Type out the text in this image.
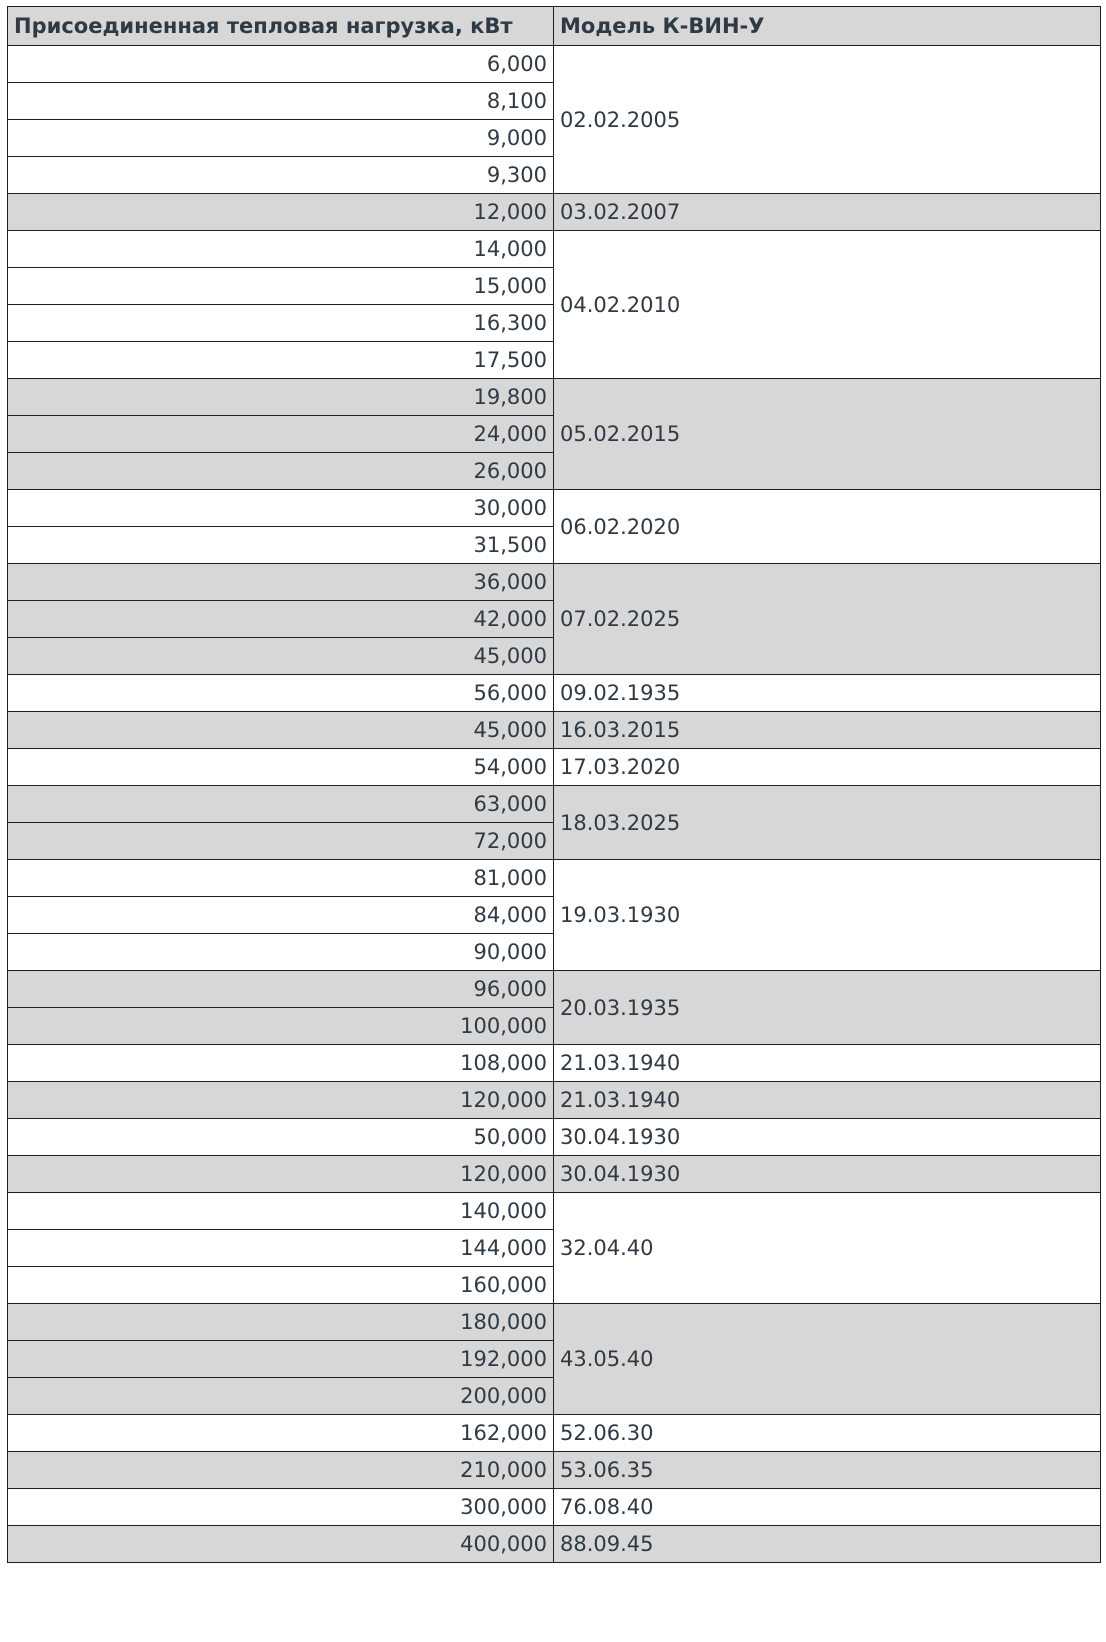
Присоединенная тепловая нагрузка, кВт	Модель К-ВИН-У
6,000	02.02.2005
8,100	
9,000	
9,300	
12,000	03.02.2007
14,000	04.02.2010
15,000	
16,300	
17,500	
19,800	05.02.2015
24,000	
26,000	
30,000	06.02.2020
31,500	
36,000	07.02.2025
42,000	
45,000	
56,000	09.02.1935
45,000	16.03.2015
54,000	17.03.2020
63,000	18.03.2025
72,000	
81,000	19.03.1930
84,000	
90,000	
96,000	20.03.1935
100,000	
108,000	21.03.1940
120,000	21.03.1940
50,000	30.04.1930
120,000	30.04.1930
140,000	32.04.40
144,000	
160,000	
180,000	43.05.40
192,000	
200,000	
162,000	52.06.30
210,000	53.06.35
300,000	76.08.40
400,000	88.09.45
